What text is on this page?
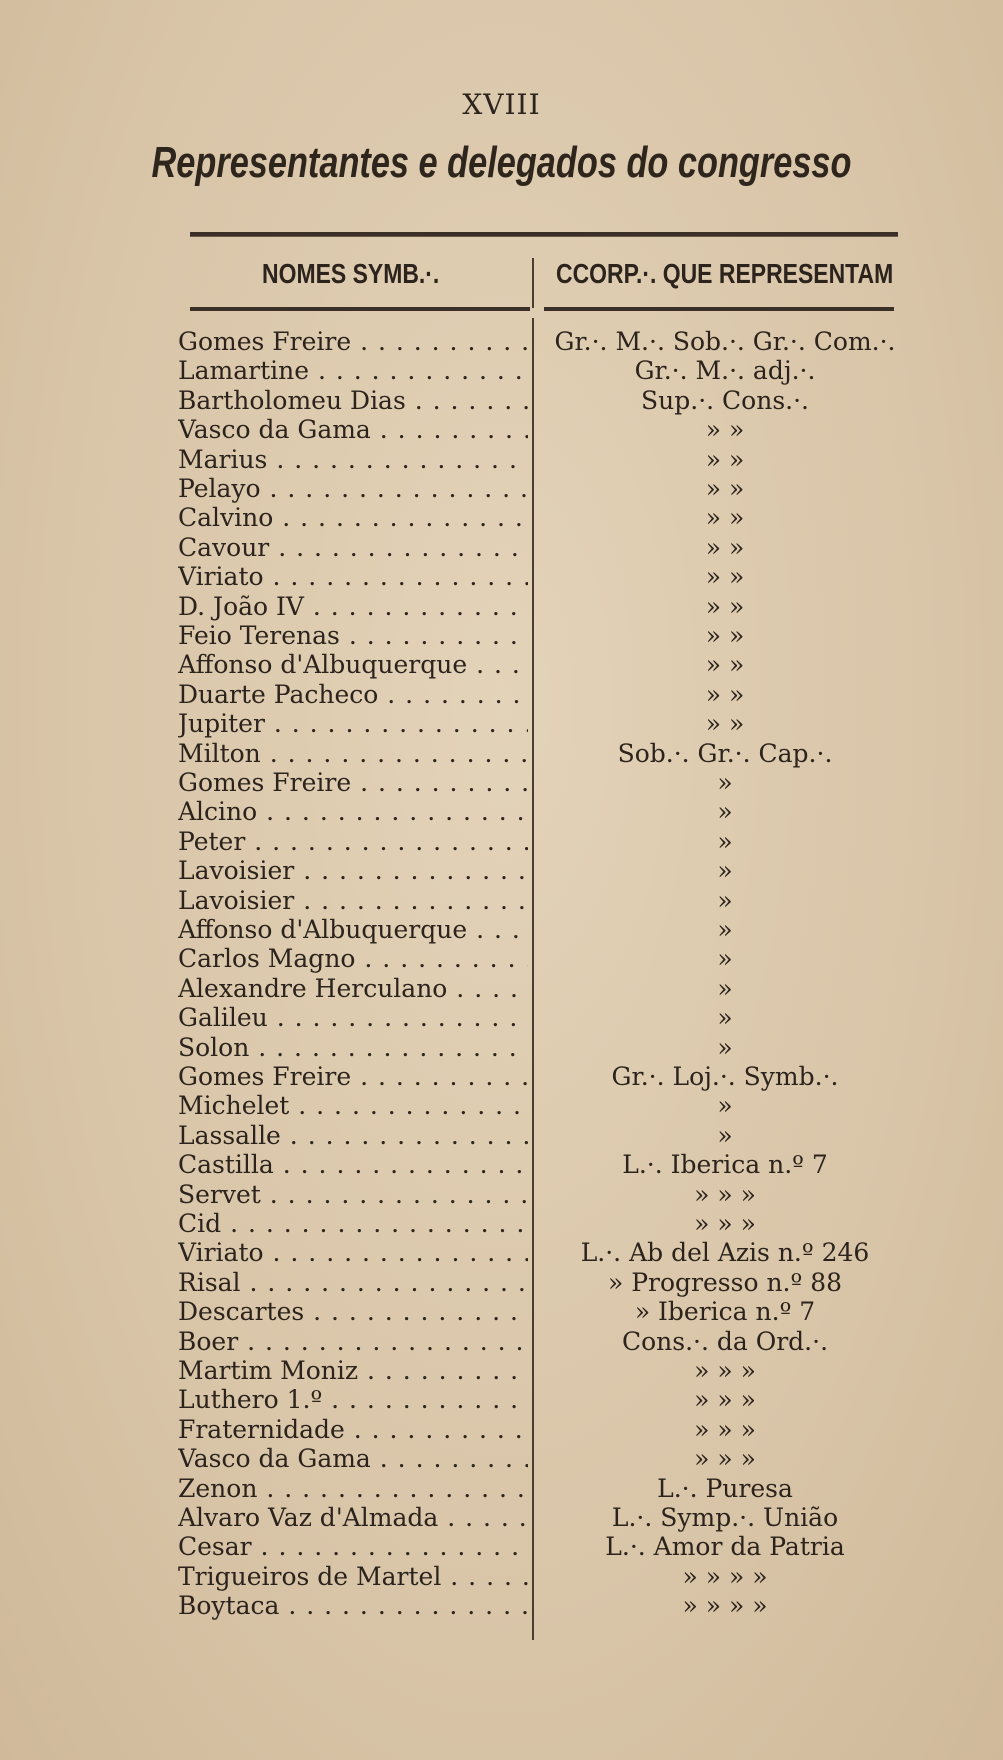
XVIII
Representantes e delegados do congresso
NOMES SYMB.·.	CCORP.·. QUE REPRESENTAM
Gomes Freire . . .	Gr.·. M.·. Sob.·. Gr.·. Com.·.
Lamartine . . .	Gr.·. M.·. adj.·.
Bartholomeu Dias . . .	Sup.·. Cons.·.
Vasco da Gama . . .	» »
Marius . . .	» »
Pelayo . . .	» »
Calvino . . .	» »
Cavour . . .	» »
Viriato . . .	» »
D. João IV . . .	» »
Feio Terenas . . .	» »
Affonso d'Albuquerque . . .	» »
Duarte Pacheco . . .	» »
Jupiter . . .	» »
Milton . . .	Sob.·. Gr.·. Cap.·.
Gomes Freire . . .	»
Alcino . . .	»
Peter . . .	»
Lavoisier . . .	»
Lavoisier . . .	»
Affonso d'Albuquerque . . .	»
Carlos Magno . . .	»
Alexandre Herculano . . .	»
Galileu . . .	»
Solon . . .	»
Gomes Freire . . .	Gr.·. Loj.·. Symb.·.
Michelet . . .	»
Lassalle . . .	»
Castilla . . .	L.·. Iberica n.º 7
Servet . . .	» » »
Cid . . .	» » »
Viriato . . .	L.·. Ab del Azis n.º 246
Risal . . .	» Progresso n.º 88
Descartes . . .	» Iberica n.º 7
Boer . . .	Cons.·. da Ord.·.
Martim Moniz . . .	» » »
Luthero 1.º . . .	» » »
Fraternidade . . .	» » »
Vasco da Gama . . .	» » »
Zenon . . .	L.·. Puresa
Alvaro Vaz d'Almada . . .	L.·. Symp.·. União
Cesar . . .	L.·. Amor da Patria
Trigueiros de Martel . . .	» » » »
Boytaca . . .	» » » »
